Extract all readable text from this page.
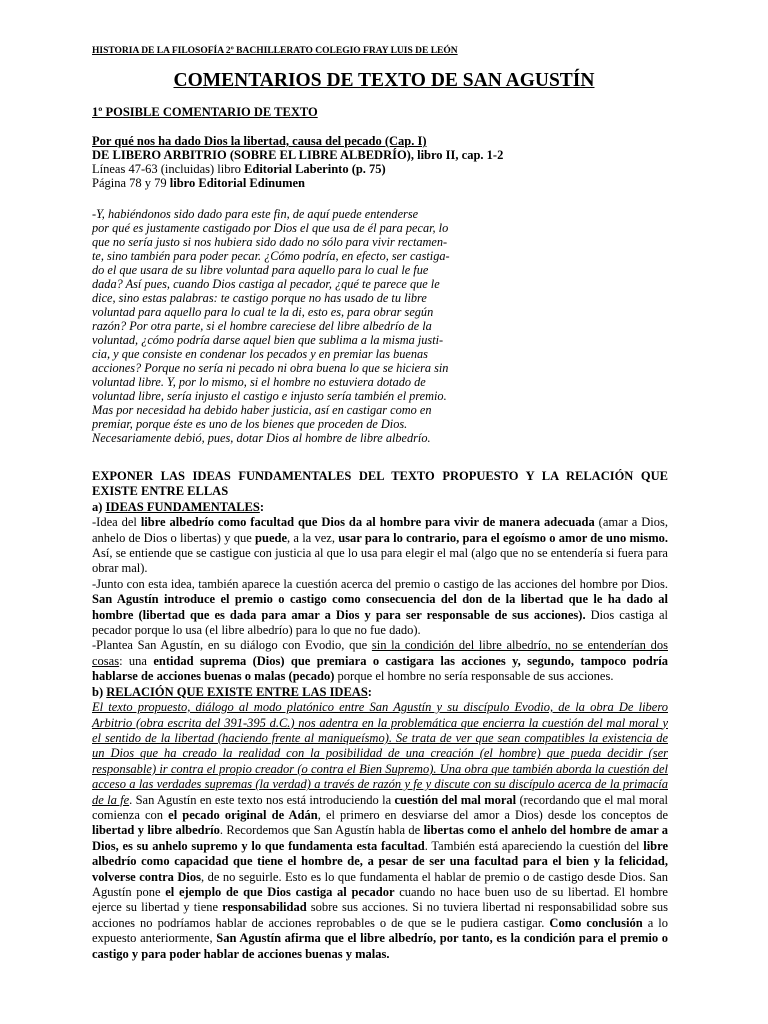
HISTORIA DE LA FILOSOFÍA 2º BACHILLERATO COLEGIO FRAY LUIS DE LEÓN
COMENTARIOS DE TEXTO DE SAN AGUSTÍN
1º POSIBLE COMENTARIO DE TEXTO
Por qué nos ha dado Dios la libertad, causa del pecado (Cap. I)
DE LIBERO ARBITRIO (SOBRE EL LIBRE ALBEDRÍO), libro II, cap. 1-2
Líneas 47-63 (incluidas) libro Editorial Laberinto (p. 75)
Página 78 y 79 libro Editorial Edinumen
-Y, habiéndonos sido dado para este fin, de aquí puede entenderse
por qué es justamente castigado por Dios el que usa de él para pecar, lo
que no sería justo si nos hubiera sido dado no sólo para vivir rectamen-
te, sino también para poder pecar. ¿Cómo podría, en efecto, ser castiga-
do el que usara de su libre voluntad para aquello para lo cual le fue
dada? Así pues, cuando Dios castiga al pecador, ¿qué te parece que le
dice, sino estas palabras: te castigo porque no has usado de tu libre
voluntad para aquello para lo cual te la di, esto es, para obrar según
razón? Por otra parte, si el hombre careciese del libre albedrío de la
voluntad, ¿cómo podría darse aquel bien que sublima a la misma justi-
cia, y que consiste en condenar los pecados y en premiar las buenas
acciones? Porque no sería ni pecado ni obra buena lo que se hiciera sin
voluntad libre. Y, por lo mismo, si el hombre no estuviera dotado de
voluntad libre, sería injusto el castigo e injusto sería también el premio.
Mas por necesidad ha debido haber justicia, así en castigar como en
premiar, porque éste es uno de los bienes que proceden de Dios.
Necesariamente debió, pues, dotar Dios al hombre de libre albedrío.

EXPONER LAS IDEAS FUNDAMENTALES DEL TEXTO PROPUESTO Y LA RELACIÓN QUE EXISTE ENTRE ELLAS

a) IDEAS FUNDAMENTALES:

-Idea del libre albedrío como facultad que Dios da al hombre para vivir de manera adecuada (amar a Dios, anhelo de Dios o libertas) y que puede, a la vez, usar para lo contrario, para el egoísmo o amor de uno mismo. Así, se entiende que se castigue con justicia al que lo usa para elegir el mal (algo que no se entendería si fuera para obrar mal).

-Junto con esta idea, también aparece la cuestión acerca del premio o castigo de las acciones del hombre por Dios. San Agustín introduce el premio o castigo como consecuencia del don de la libertad que le ha dado al hombre (libertad que es dada para amar a Dios y para ser responsable de sus acciones). Dios castiga al pecador porque lo usa (el libre albedrío) para lo que no fue dado).

-Plantea San Agustín, en su diálogo con Evodio, que sin la condición del libre albedrío, no se entenderían dos cosas: una entidad suprema (Dios) que premiara o castigara las acciones y, segundo, tampoco podría hablarse de acciones buenas o malas (pecado) porque el hombre no sería responsable de sus acciones.

b) RELACIÓN QUE EXISTE ENTRE LAS IDEAS:

El texto propuesto, diálogo al modo platónico entre San Agustín y su discípulo Evodio, de la obra De libero Arbitrio (obra escrita del 391-395 d.C.) nos adentra en la problemática que encierra la cuestión del mal moral y el sentido de la libertad (haciendo frente al maniqueísmo). Se trata de ver que sean compatibles la existencia de un Dios que ha creado la realidad con la posibilidad de una creación (el hombre) que pueda decidir (ser responsable) ir contra el propio creador (o contra el Bien Supremo). Una obra que también aborda la cuestión del acceso a las verdades supremas (la verdad) a través de razón y fe y discute con su discípulo acerca de la primacía de la fe. San Agustín en este texto nos está introduciendo la cuestión del mal moral (recordando que el mal moral comienza con el pecado original de Adán, el primero en desviarse del amor a Dios) desde los conceptos de libertad y libre albedrío. Recordemos que San Agustín habla de libertas como el anhelo del hombre de amar a Dios, es su anhelo supremo y lo que fundamenta esta facultad. También está apareciendo la cuestión del libre albedrío como capacidad que tiene el hombre de, a pesar de ser una facultad para el bien y la felicidad, volverse contra Dios, de no seguirle. Esto es lo que fundamenta el hablar de premio o de castigo desde Dios. San Agustín pone el ejemplo de que Dios castiga al pecador cuando no hace buen uso de su libertad. El hombre ejerce su libertad y tiene responsabilidad sobre sus acciones. Si no tuviera libertad ni responsabilidad sobre sus acciones no podríamos hablar de acciones reprobables o de que se le pudiera castigar. Como conclusión a lo expuesto anteriormente, San Agustín afirma que el libre albedrío, por tanto, es la condición para el premio o castigo y para poder hablar de acciones buenas y malas.
